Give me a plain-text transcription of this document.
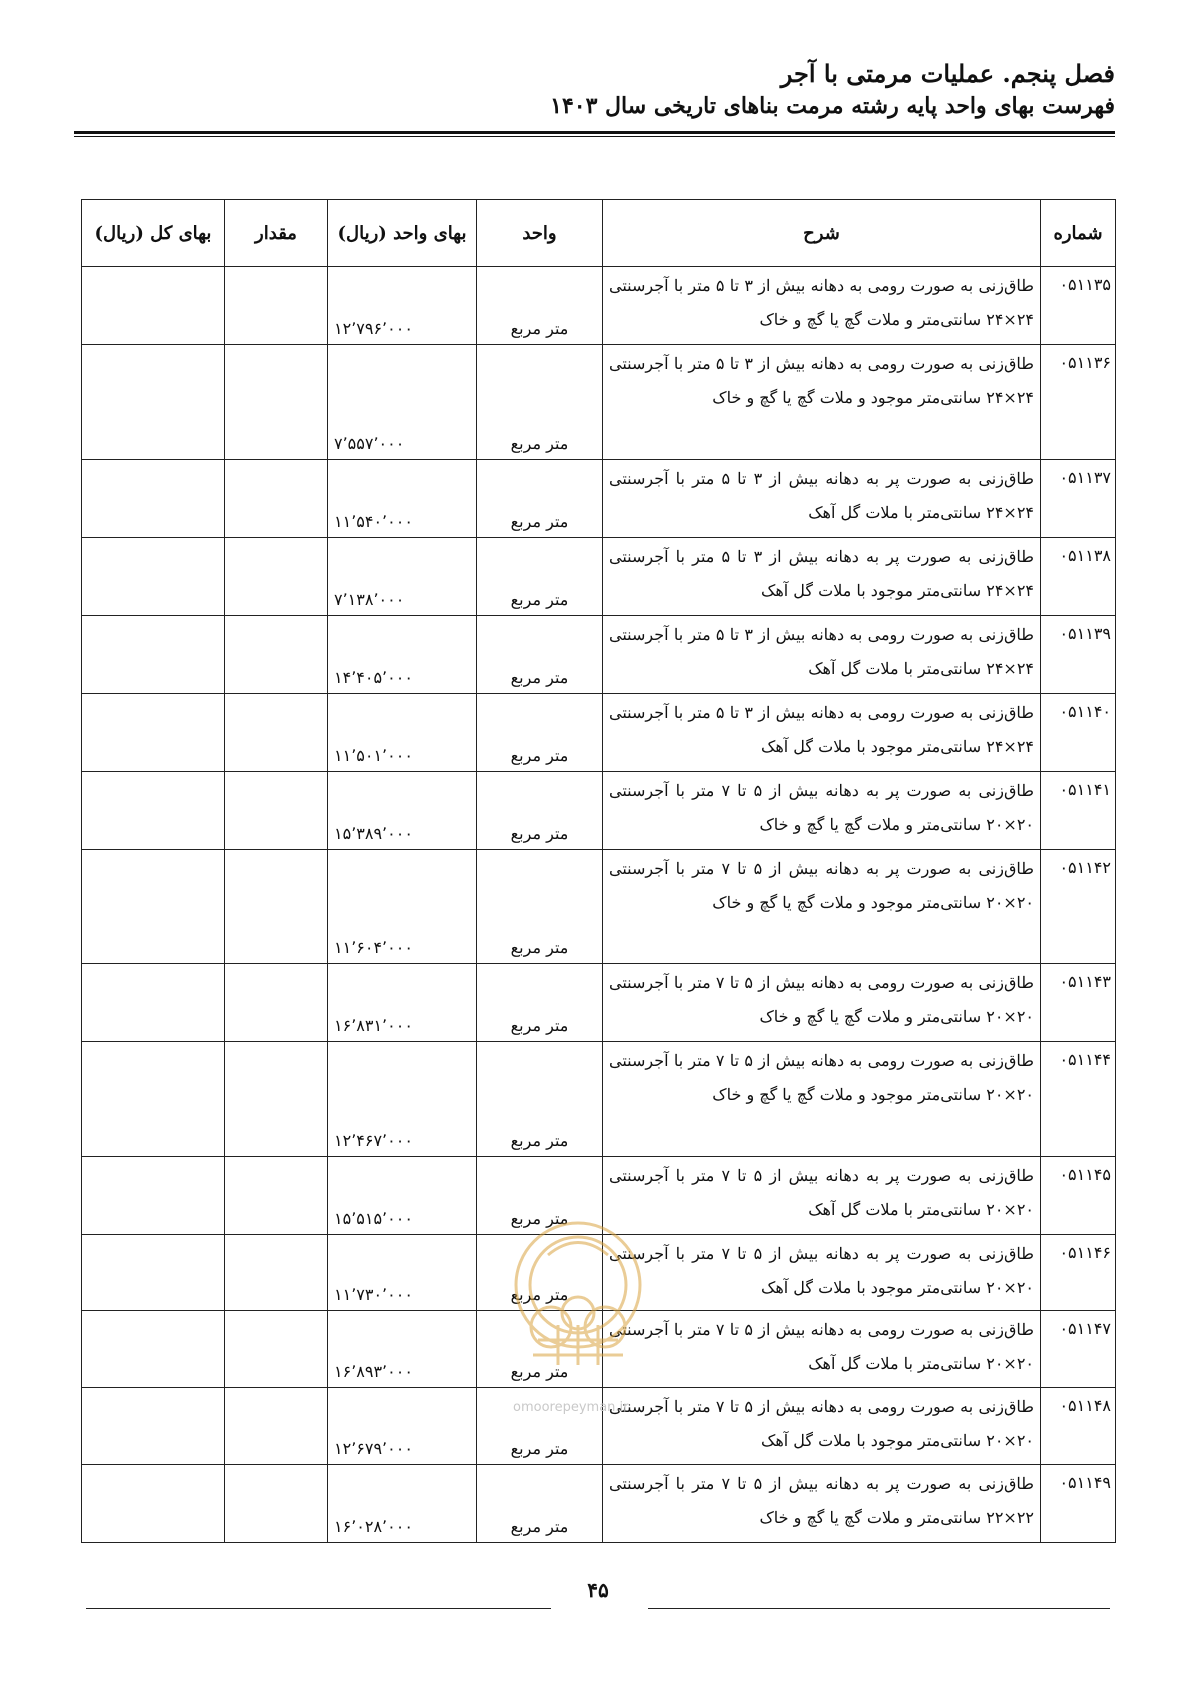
فصل پنجم. عملیات مرمتی با آجر
فهرست بهای واحد پایه رشته مرمت بناهای تاریخی سال ۱۴۰۳
شماره	شرح	واحد	بهای واحد (ریال)	مقدار	بهای کل (ریال)
۰۵۱۱۳۵	طاق‌زنی به صورت رومی به دهانه بیش از ۳ تا ۵ متر با آجرسنتی ۲۴×۲۴ سانتی‌متر و ملات گچ یا گچ و خاک	متر مربع	۱۲٬۷۹۶٬۰۰۰		
۰۵۱۱۳۶	طاق‌زنی به صورت رومی به دهانه بیش از ۳ تا ۵ متر با آجرسنتی ۲۴×۲۴ سانتی‌متر موجود و ملات گچ یا گچ و خاک	متر مربع	۷٬۵۵۷٬۰۰۰		
۰۵۱۱۳۷	طاق‌زنی به صورت پر به دهانه بیش از ۳ تا ۵ متر با آجرسنتی ۲۴×۲۴ سانتی‌متر با ملات گل آهک	متر مربع	۱۱٬۵۴۰٬۰۰۰		
۰۵۱۱۳۸	طاق‌زنی به صورت پر به دهانه بیش از ۳ تا ۵ متر با آجرسنتی ۲۴×۲۴ سانتی‌متر موجود با ملات گل آهک	متر مربع	۷٬۱۳۸٬۰۰۰		
۰۵۱۱۳۹	طاق‌زنی به صورت رومی به دهانه بیش از ۳ تا ۵ متر با آجرسنتی ۲۴×۲۴ سانتی‌متر با ملات گل آهک	متر مربع	۱۴٬۴۰۵٬۰۰۰		
۰۵۱۱۴۰	طاق‌زنی به صورت رومی به دهانه بیش از ۳ تا ۵ متر با آجرسنتی ۲۴×۲۴ سانتی‌متر موجود با ملات گل آهک	متر مربع	۱۱٬۵۰۱٬۰۰۰		
۰۵۱۱۴۱	طاق‌زنی به صورت پر به دهانه بیش از ۵ تا ۷ متر با آجرسنتی ۲۰×۲۰ سانتی‌متر و ملات گچ یا گچ و خاک	متر مربع	۱۵٬۳۸۹٬۰۰۰		
۰۵۱۱۴۲	طاق‌زنی به صورت پر به دهانه بیش از ۵ تا ۷ متر با آجرسنتی ۲۰×۲۰ سانتی‌متر موجود و ملات گچ یا گچ و خاک	متر مربع	۱۱٬۶۰۴٬۰۰۰		
۰۵۱۱۴۳	طاق‌زنی به صورت رومی به دهانه بیش از ۵ تا ۷ متر با آجرسنتی ۲۰×۲۰ سانتی‌متر و ملات گچ یا گچ و خاک	متر مربع	۱۶٬۸۳۱٬۰۰۰		
۰۵۱۱۴۴	طاق‌زنی به صورت رومی به دهانه بیش از ۵ تا ۷ متر با آجرسنتی ۲۰×۲۰ سانتی‌متر موجود و ملات گچ یا گچ و خاک	متر مربع	۱۲٬۴۶۷٬۰۰۰		
۰۵۱۱۴۵	طاق‌زنی به صورت پر به دهانه بیش از ۵ تا ۷ متر با آجرسنتی ۲۰×۲۰ سانتی‌متر با ملات گل آهک	متر مربع	۱۵٬۵۱۵٬۰۰۰		
۰۵۱۱۴۶	طاق‌زنی به صورت پر به دهانه بیش از ۵ تا ۷ متر با آجرسنتی ۲۰×۲۰ سانتی‌متر موجود با ملات گل آهک	متر مربع	۱۱٬۷۳۰٬۰۰۰		
۰۵۱۱۴۷	طاق‌زنی به صورت رومی به دهانه بیش از ۵ تا ۷ متر با آجرسنتی ۲۰×۲۰ سانتی‌متر با ملات گل آهک	متر مربع	۱۶٬۸۹۳٬۰۰۰		
۰۵۱۱۴۸	طاق‌زنی به صورت رومی به دهانه بیش از ۵ تا ۷ متر با آجرسنتی ۲۰×۲۰ سانتی‌متر موجود با ملات گل آهک	متر مربع	۱۲٬۶۷۹٬۰۰۰		
۰۵۱۱۴۹	طاق‌زنی به صورت پر به دهانه بیش از ۵ تا ۷ متر با آجرسنتی ۲۲×۲۲ سانتی‌متر و ملات گچ یا گچ و خاک	متر مربع	۱۶٬۰۲۸٬۰۰۰		
omoorepeyman.ir
۴۵
